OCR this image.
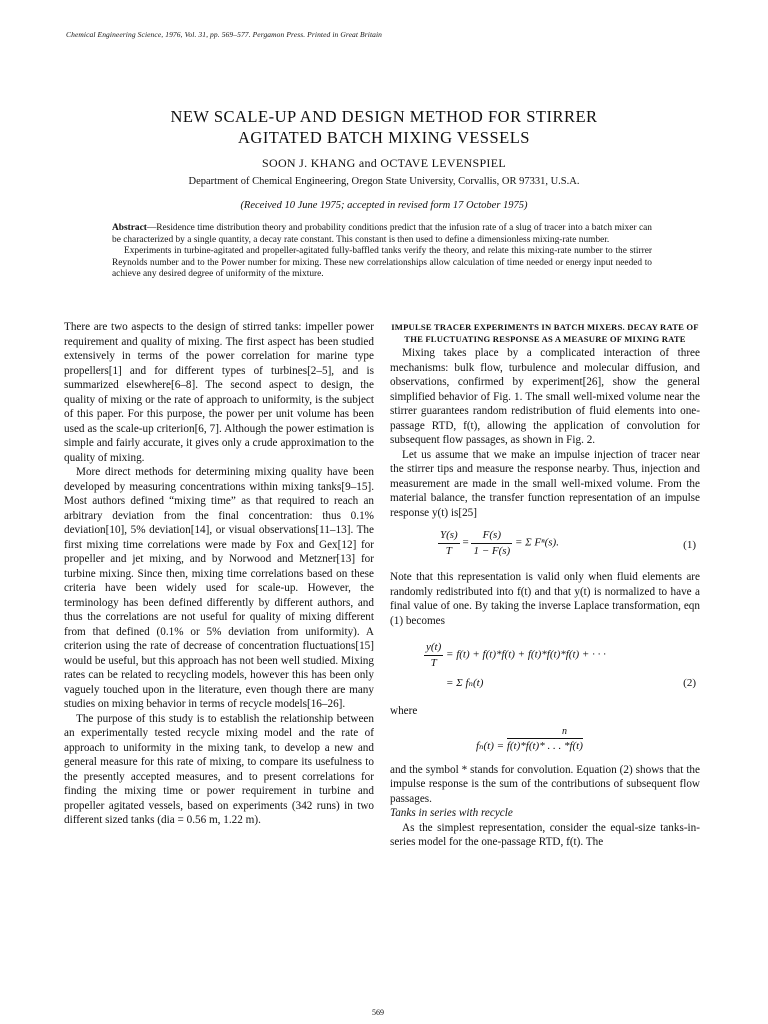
Chemical Engineering Science, 1976, Vol. 31, pp. 569–577. Pergamon Press. Printed in Great Britain
NEW SCALE-UP AND DESIGN METHOD FOR STIRRER
AGITATED BATCH MIXING VESSELS
SOON J. KHANG and OCTAVE LEVENSPIEL
Department of Chemical Engineering, Oregon State University, Corvallis, OR 97331, U.S.A.
(Received 10 June 1975; accepted in revised form 17 October 1975)

Abstract—Residence time distribution theory and probability conditions predict that the infusion rate of a slug of tracer into a batch mixer can be characterized by a single quantity, a decay rate constant. This constant is then used to define a dimensionless mixing-rate number.

Experiments in turbine-agitated and propeller-agitated fully-baffled tanks verify the theory, and relate this mixing-rate number to the stirrer Reynolds number and to the Power number for mixing. These new correlationships allow calculation of time needed or energy input needed to achieve any desired degree of uniformity of the mixture.

There are two aspects to the design of stirred tanks: impeller power requirement and quality of mixing. The first aspect has been studied extensively in terms of the power correlation for marine type propellers[1] and for different types of turbines[2–5], and is summarized elsewhere[6–8]. The second aspect to design, the quality of mixing or the rate of approach to uniformity, is the subject of this paper. For this purpose, the power per unit volume has been used as the scale-up criterion[6, 7]. Although the power estimation is simple and fairly accurate, it gives only a crude approximation to the quality of mixing.

More direct methods for determining mixing quality have been developed by measuring concentrations within mixing tanks[9–15]. Most authors defined “mixing time” as that required to reach an arbitrary deviation from the final concentration: thus 0.1% deviation[10], 5% deviation[14], or visual observations[11–13]. The first mixing time correlations were made by Fox and Gex[12] for propeller and jet mixing, and by Norwood and Metzner[13] for turbine mixing. Since then, mixing time correlations based on these criteria have been widely used for scale-up. However, the terminology has been defined differently by different authors, and thus the correlations are not useful for quality of mixing different from that defined (0.1% or 5% deviation from uniformity). A criterion using the rate of decrease of concentration fluctuations[15] would be useful, but this approach has not been well studied. Mixing rates can be related to recycling models, however this has been only vaguely touched upon in the literature, even though there are many studies on mixing behavior in terms of recycle models[16–26].

The purpose of this study is to establish the relationship between an experimentally tested recycle mixing model and the rate of approach to uniformity in the mixing tank, to develop a new and general measure for this rate of mixing, to compare its usefulness to the presently accepted measures, and to present correlations for finding the mixing time or power requirement in turbine and propeller agitated vessels, based on experiments (342 runs) in two different sized tanks (dia = 0.56 m, 1.22 m).

IMPULSE TRACER EXPERIMENTS IN BATCH MIXERS. DECAY RATE OF THE FLUCTUATING RESPONSE AS A MEASURE OF MIXING RATE

Mixing takes place by a complicated interaction of three mechanisms: bulk flow, turbulence and molecular diffusion, and observations, confirmed by experiment[26], show the general simplified behavior of Fig. 1. The small well-mixed volume near the stirrer guarantees random redistribution of fluid elements into one-passage RTD, f(t), allowing the application of convolution for subsequent flow passages, as shown in Fig. 2.

Let us assume that we make an impulse injection of tracer near the stirrer tips and measure the response nearby. Thus, injection and measurement are made in the small well-mixed volume. From the material balance, the transfer function representation of an impulse response y(t) is[25]

$\frac{Y(s)}{T} = \frac{F(s)}{1 - F(s)} = \Sigma$ Fⁿ(s).	(1)

Note that this representation is valid only when fluid elements are randomly redistributed into f(t) and that y(t) is normalized to have a final value of one. By taking the inverse Laplace transformation, eqn (1) becomes

$\frac{y(t)}{T} = f(t) + f(t)*f(t) + f(t)*f(t)*f(t)$ + · · ·
= Σ fₙ(t)	(2)

where

n
fₙ(t) = f(t)*f(t)* . . . *f(t)

and the symbol * stands for convolution. Equation (2) shows that the impulse response is the sum of the contributions of subsequent flow passages.

Tanks in series with recycle

As the simplest representation, consider the equal-size tanks-in-series model for the one-passage RTD, f(t). The

569
